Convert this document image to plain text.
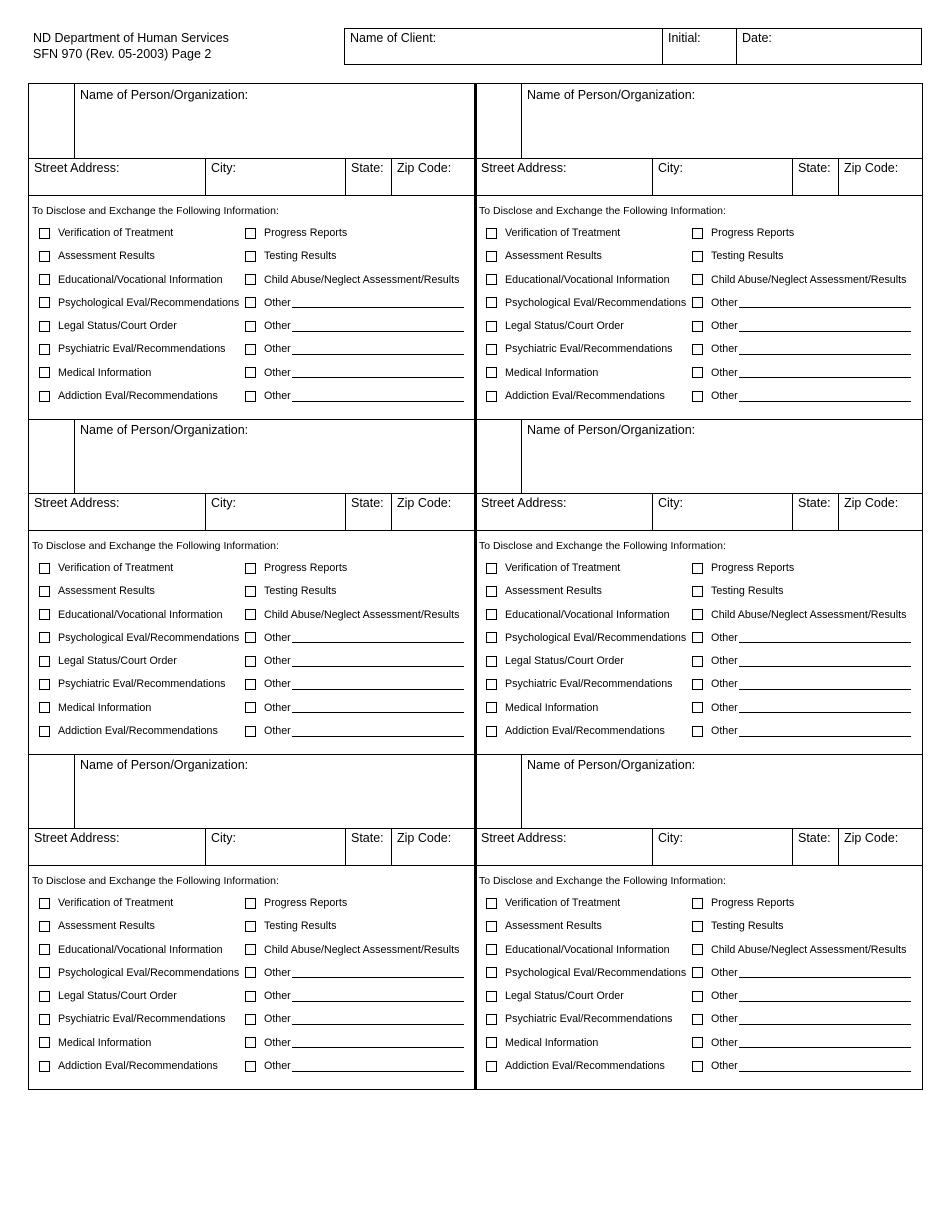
ND Department of Human Services
SFN 970 (Rev. 05-2003) Page 2
Name of Client:	Initial:	Date:
Name of Person/Organization:
Street Address:	City:	State:	Zip Code:
To Disclose and Exchange the Following Information:
Verification of Treatment	Progress Reports
Assessment Results	Testing Results
Educational/Vocational Information	Child Abuse/Neglect Assessment/Results
Psychological Eval/Recommendations Other
Legal Status/Court Order	Other
Psychiatric Eval/Recommendations	Other
Medical Information	Other
Addiction Eval/Recommendations	Other
Name of Person/Organization:
Street Address:	City:	State:	Zip Code:
To Disclose and Exchange the Following Information:
Verification of Treatment	Progress Reports
Assessment Results	Testing Results
Educational/Vocational Information	Child Abuse/Neglect Assessment/Results
Psychological Eval/Recommendations Other
Legal Status/Court Order	Other
Psychiatric Eval/Recommendations	Other
Medical Information	Other
Addiction Eval/Recommendations	Other
Name of Person/Organization:
Street Address:	City:	State:	Zip Code:
To Disclose and Exchange the Following Information:
Verification of Treatment	Progress Reports
Assessment Results	Testing Results
Educational/Vocational Information	Child Abuse/Neglect Assessment/Results
Psychological Eval/Recommendations Other
Legal Status/Court Order	Other
Psychiatric Eval/Recommendations	Other
Medical Information	Other
Addiction Eval/Recommendations	Other
Name of Person/Organization:
Street Address:	City:	State:	Zip Code:
To Disclose and Exchange the Following Information:
Verification of Treatment	Progress Reports
Assessment Results	Testing Results
Educational/Vocational Information	Child Abuse/Neglect Assessment/Results
Psychological Eval/Recommendations Other
Legal Status/Court Order	Other
Psychiatric Eval/Recommendations	Other
Medical Information	Other
Addiction Eval/Recommendations	Other
Name of Person/Organization:
Street Address:	City:	State:	Zip Code:
To Disclose and Exchange the Following Information:
Verification of Treatment	Progress Reports
Assessment Results	Testing Results
Educational/Vocational Information	Child Abuse/Neglect Assessment/Results
Psychological Eval/Recommendations Other
Legal Status/Court Order	Other
Psychiatric Eval/Recommendations	Other
Medical Information	Other
Addiction Eval/Recommendations	Other
Name of Person/Organization:
Street Address:	City:	State:	Zip Code:
To Disclose and Exchange the Following Information:
Verification of Treatment	Progress Reports
Assessment Results	Testing Results
Educational/Vocational Information	Child Abuse/Neglect Assessment/Results
Psychological Eval/Recommendations Other
Legal Status/Court Order	Other
Psychiatric Eval/Recommendations	Other
Medical Information	Other
Addiction Eval/Recommendations	Other
